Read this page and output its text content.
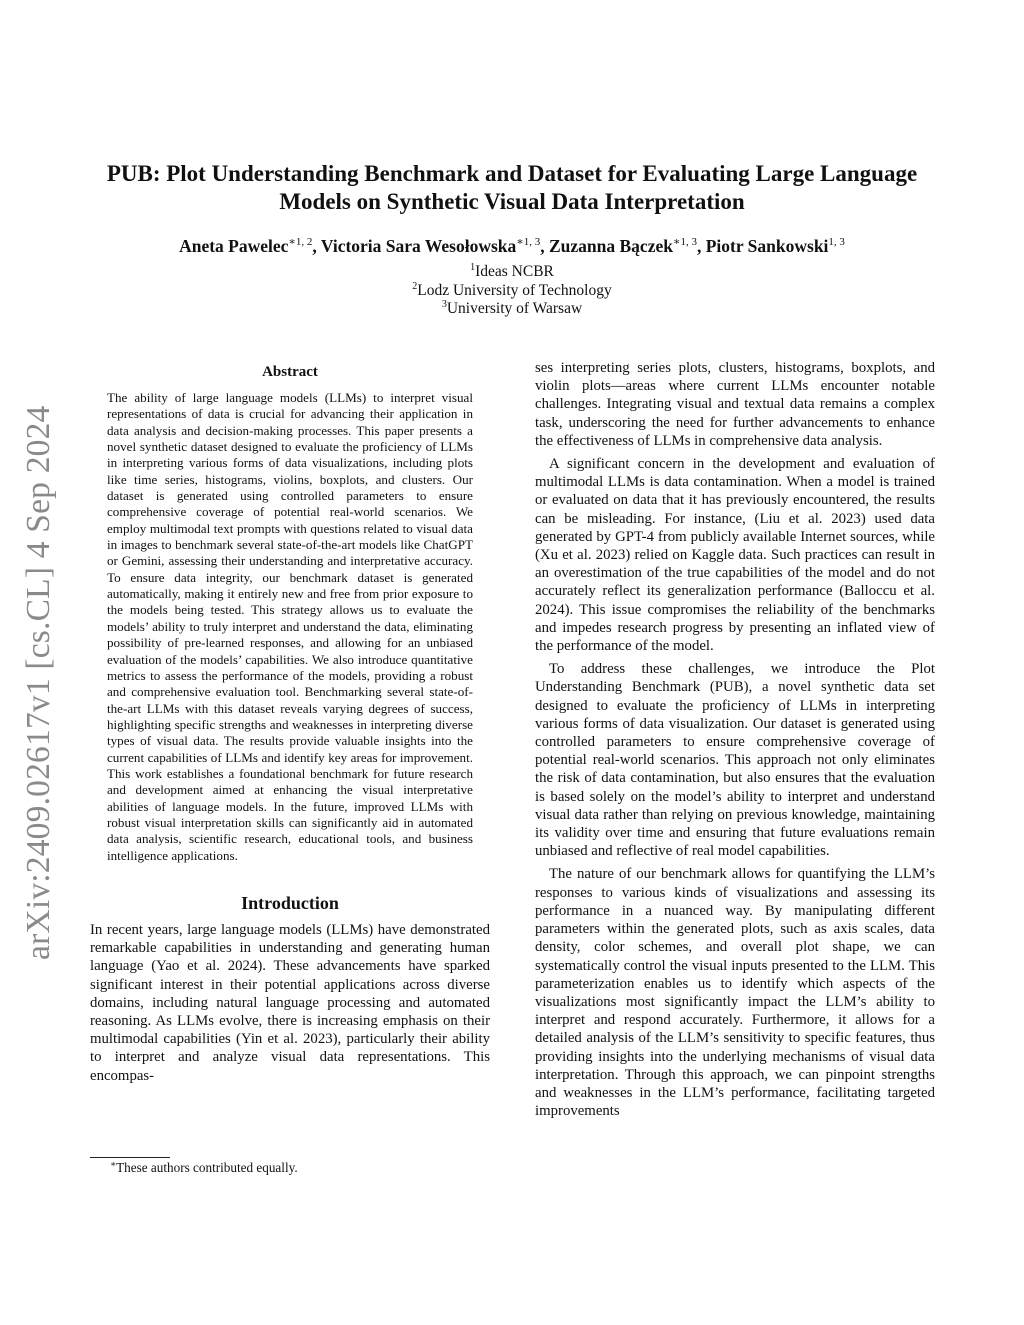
arXiv:2409.02617v1 [cs.CL] 4 Sep 2024
PUB: Plot Understanding Benchmark and Dataset for Evaluating Large Language
Models on Synthetic Visual Data Interpretation
Aneta Pawelec$^{∗1, 2}$, Victoria Sara Wesołowska$^{∗1, 3}$, Zuzanna Bączek$^{∗1, 3}$, Piotr Sankowski$^{1, 3}$
$^1$Ideas NCBR
$^2$Lodz University of Technology
$^3$University of Warsaw
Abstract

The ability of large language models (LLMs) to interpret visual representations of data is crucial for advancing their application in data analysis and decision-making processes. This paper presents a novel synthetic dataset designed to evaluate the proficiency of LLMs in interpreting various forms of data visualizations, including plots like time series, histograms, violins, boxplots, and clusters. Our dataset is generated using controlled parameters to ensure comprehensive coverage of potential real-world scenarios. We employ multimodal text prompts with questions related to visual data in images to benchmark several state-of-the-art models like ChatGPT or Gemini, assessing their understanding and interpretative accuracy. To ensure data integrity, our benchmark dataset is generated automatically, making it entirely new and free from prior exposure to the models being tested. This strategy allows us to evaluate the models’ ability to truly interpret and understand the data, eliminating possibility of pre-learned responses, and allowing for an unbiased evaluation of the models’ capabilities. We also introduce quantitative metrics to assess the performance of the models, providing a robust and comprehensive evaluation tool. Benchmarking several state-of-the-art LLMs with this dataset reveals varying degrees of success, highlighting specific strengths and weaknesses in interpreting diverse types of visual data. The results provide valuable insights into the current capabilities of LLMs and identify key areas for improvement. This work establishes a foundational benchmark for future research and development aimed at enhancing the visual interpretative abilities of language models. In the future, improved LLMs with robust visual interpretation skills can significantly aid in automated data analysis, scientific research, educational tools, and business intelligence applications.

Introduction

In recent years, large language models (LLMs) have demonstrated remarkable capabilities in understanding and generating human language (Yao et al. 2024). These advancements have sparked significant interest in their potential applications across diverse domains, including natural language processing and automated reasoning. As LLMs evolve, there is increasing emphasis on their multimodal capabilities (Yin et al. 2023), particularly their ability to interpret and analyze visual data representations. This encompas-

ses interpreting series plots, clusters, histograms, boxplots, and violin plots—areas where current LLMs encounter notable challenges. Integrating visual and textual data remains a complex task, underscoring the need for further advancements to enhance the effectiveness of LLMs in comprehensive data analysis.

A significant concern in the development and evaluation of multimodal LLMs is data contamination. When a model is trained or evaluated on data that it has previously encountered, the results can be misleading. For instance, (Liu et al. 2023) used data generated by GPT-4 from publicly available Internet sources, while (Xu et al. 2023) relied on Kaggle data. Such practices can result in an overestimation of the true capabilities of the model and do not accurately reflect its generalization performance (Balloccu et al. 2024). This issue compromises the reliability of the benchmarks and impedes research progress by presenting an inflated view of the performance of the model.

To address these challenges, we introduce the Plot Understanding Benchmark (PUB), a novel synthetic data set designed to evaluate the proficiency of LLMs in interpreting various forms of data visualization. Our dataset is generated using controlled parameters to ensure comprehensive coverage of potential real-world scenarios. This approach not only eliminates the risk of data contamination, but also ensures that the evaluation is based solely on the model’s ability to interpret and understand visual data rather than relying on previous knowledge, maintaining its validity over time and ensuring that future evaluations remain unbiased and reflective of real model capabilities.

The nature of our benchmark allows for quantifying the LLM’s responses to various kinds of visualizations and assessing its performance in a nuanced way. By manipulating different parameters within the generated plots, such as axis scales, data density, color schemes, and overall plot shape, we can systematically control the visual inputs presented to the LLM. This parameterization enables us to identify which aspects of the visualizations most significantly impact the LLM’s ability to interpret and respond accurately. Furthermore, it allows for a detailed analysis of the LLM’s sensitivity to specific features, thus providing insights into the underlying mechanisms of visual data interpretation. Through this approach, we can pinpoint strengths and weaknesses in the LLM’s performance, facilitating targeted improvements

∗These authors contributed equally.
